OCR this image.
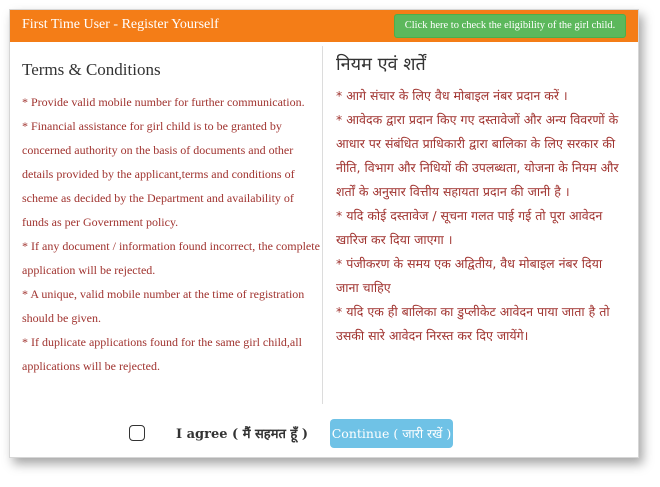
First Time User - Register Yourself	Click here to check the eligibility of the girl child.
Terms & Conditions

* Provide valid mobile number for further communication.

* Financial assistance for girl child is to be granted by concerned authority on the basis of documents and other details provided by the applicant,terms and conditions of scheme as decided by the Department and availability of funds as per Government policy.

* If any document / information found incorrect, the complete application will be rejected.

* A unique, valid mobile number at the time of registration should be given.

* If duplicate applications found for the same girl child,all applications will be rejected.

नियम एवं शर्तें

* आगे संचार के लिए वैध मोबाइल नंबर प्रदान करें ।

* आवेदक द्वारा प्रदान किए गए दस्तावेजों और अन्य विवरणों के आधार पर संबंधित प्राधिकारी द्वारा बालिका के लिए सरकार की नीति, विभाग और निधियों की उपलब्धता, योजना के नियम और शर्तों के अनुसार वित्तीय सहायता प्रदान की जानी है ।

* यदि कोई दस्तावेज / सूचना गलत पाई गई तो पूरा आवेदन खारिज कर दिया जाएगा ।

* पंजीकरण के समय एक अद्वितीय, वैध मोबाइल नंबर दिया जाना चाहिए

* यदि एक ही बालिका का डुप्लीकेट आवेदन पाया जाता है तो उसकी सारे आवेदन निरस्त कर दिए जायेंगे।

I agree ( मैं सहमत हूँ ) Continue ( जारी रखें )
